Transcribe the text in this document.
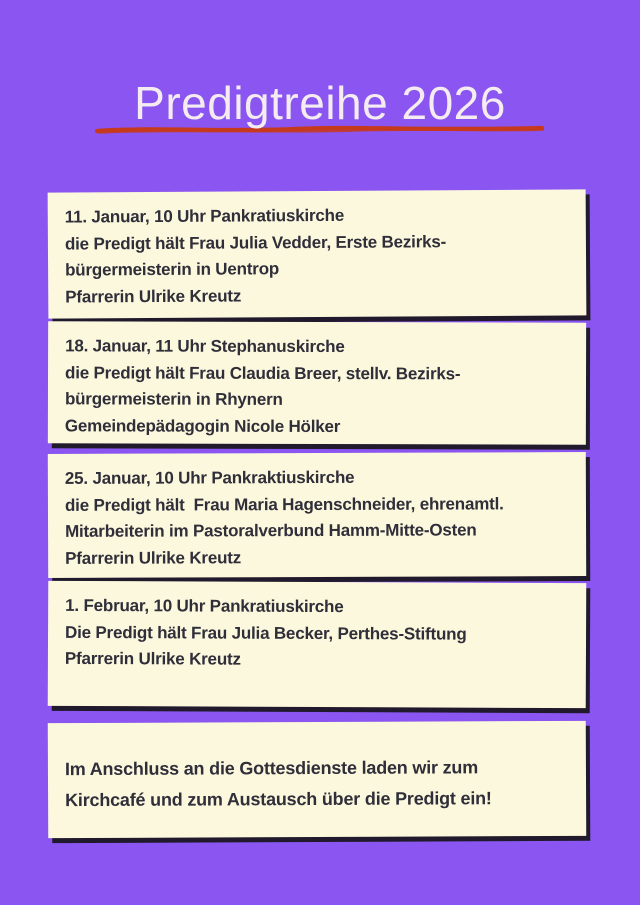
Predigtreihe 2026
11. Januar, 10 Uhr Pankratiuskirche
die Predigt hält Frau Julia Vedder, Erste Bezirks-
bürgermeisterin in Uentrop
Pfarrerin Ulrike Kreutz
18. Januar, 11 Uhr Stephanuskirche
die Predigt hält Frau Claudia Breer, stellv. Bezirks-
bürgermeisterin in Rhynern
Gemeindepädagogin Nicole Hölker
25. Januar, 10 Uhr Pankraktiuskirche
die Predigt hält  Frau Maria Hagenschneider, ehrenamtl.
Mitarbeiterin im Pastoralverbund Hamm-Mitte-Osten
Pfarrerin Ulrike Kreutz
1. Februar, 10 Uhr Pankratiuskirche
Die Predigt hält Frau Julia Becker, Perthes-Stiftung
Pfarrerin Ulrike Kreutz
Im Anschluss an die Gottesdienste laden wir zum
Kirchcafé und zum Austausch über die Predigt ein!
